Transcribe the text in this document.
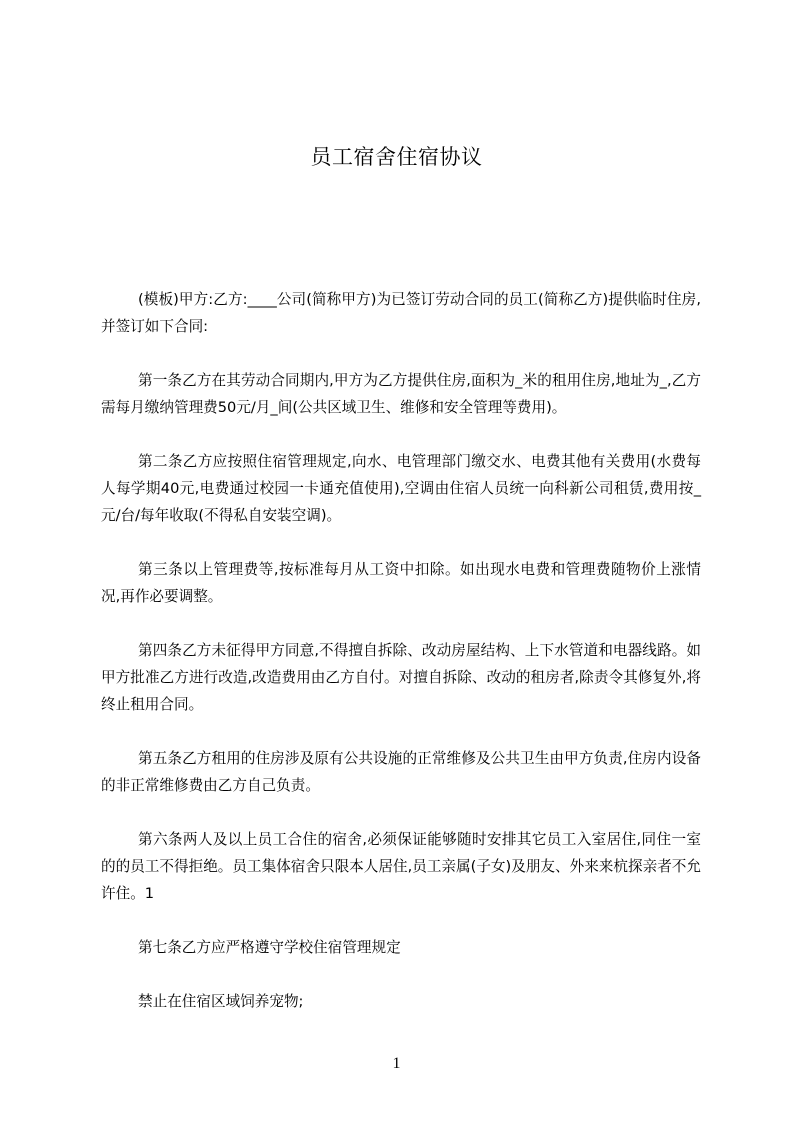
员工宿舍住宿协议

(模板)甲方:乙方:____公司(简称甲方)为已签订劳动合同的员工(简称乙方)提供临时住房,并签订如下合同:

第一条乙方在其劳动合同期内,甲方为乙方提供住房,面积为_米的租用住房,地址为_,乙方需每月缴纳管理费50元/月_间(公共区域卫生、维修和安全管理等费用)。

第二条乙方应按照住宿管理规定,向水、电管理部门缴交水、电费其他有关费用(水费每人每学期40元,电费通过校园一卡通充值使用),空调由住宿人员统一向科新公司租赁,费用按_元/台/每年收取(不得私自安装空调)。

第三条以上管理费等,按标准每月从工资中扣除。如出现水电费和管理费随物价上涨情况,再作必要调整。

第四条乙方未征得甲方同意,不得擅自拆除、改动房屋结构、上下水管道和电器线路。如甲方批准乙方进行改造,改造费用由乙方自付。对擅自拆除、改动的租房者,除责令其修复外,将终止租用合同。

第五条乙方租用的住房涉及原有公共设施的正常维修及公共卫生由甲方负责,住房内设备的非正常维修费由乙方自己负责。

第六条两人及以上员工合住的宿舍,必须保证能够随时安排其它员工入室居住,同住一室的的员工不得拒绝。员工集体宿舍只限本人居住,员工亲属(子女)及朋友、外来来杭探亲者不允许住。1

第七条乙方应严格遵守学校住宿管理规定

禁止在住宿区域饲养宠物;

1
